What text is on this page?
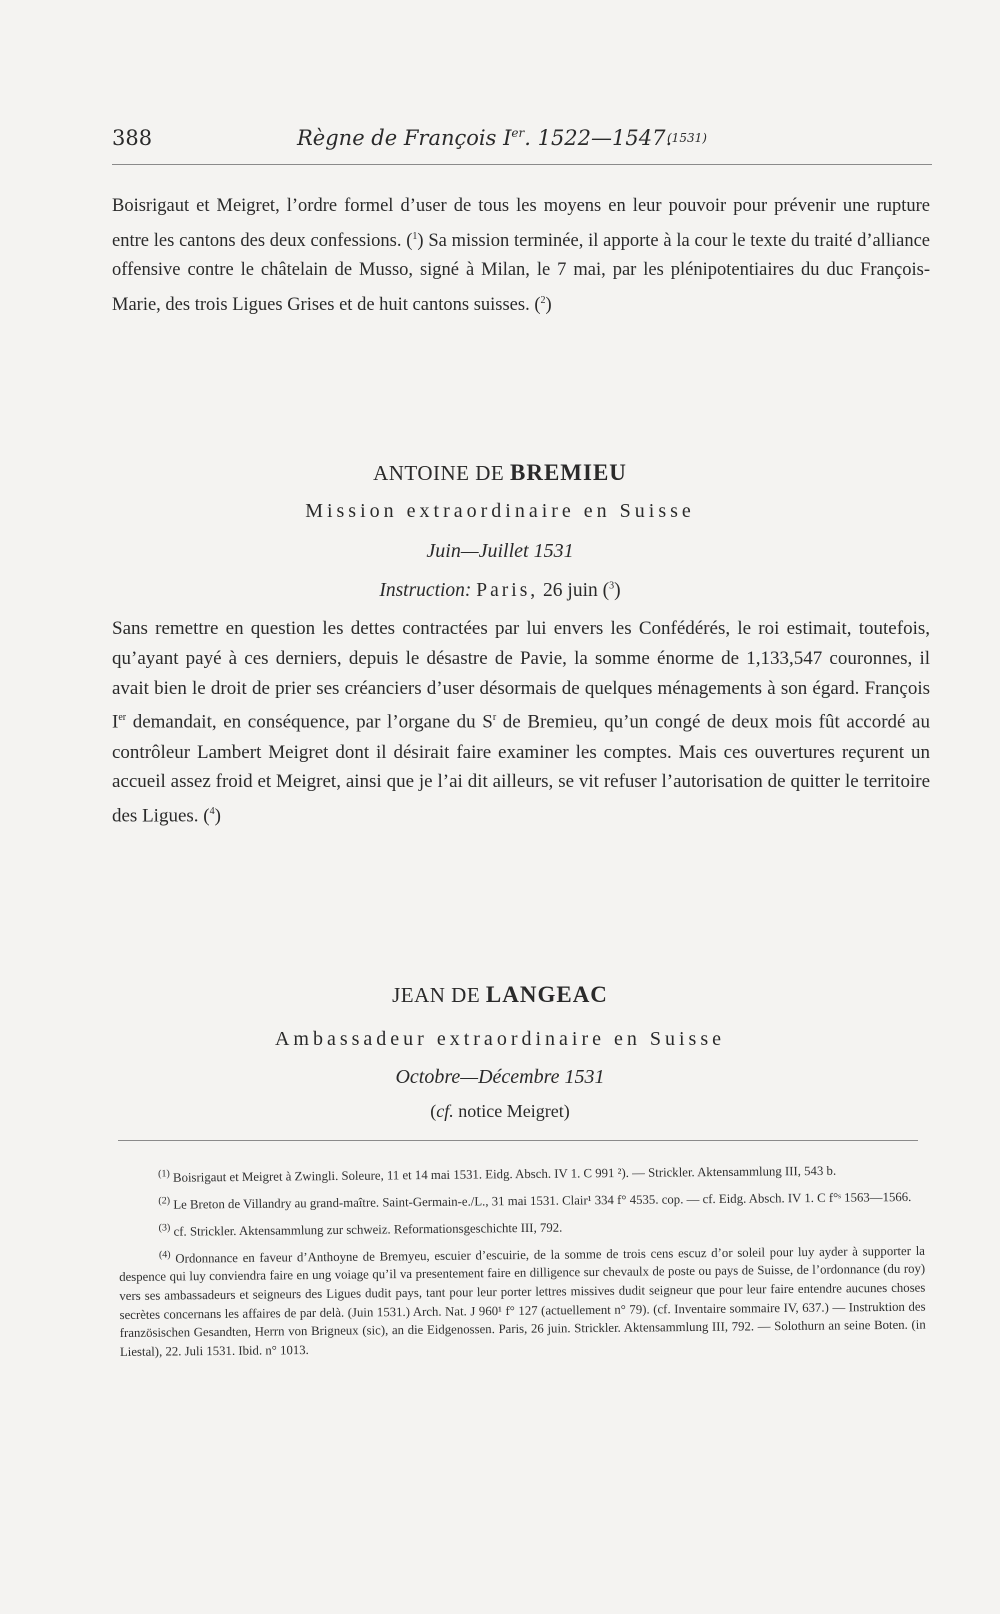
388	Règne de François Ier. 1522—1547.
(1531)
Boisrigaut et Meigret, l’ordre formel d’user de tous les moyens en leur pouvoir pour prévenir une rupture entre les cantons des deux confessions. ($^1$) Sa mission terminée, il apporte à la cour le texte du traité d’alliance offensive contre le châtelain de Musso, signé à Milan, le 7 mai, par les plénipotentiaires du duc François-Marie, des trois Ligues Grises et de huit cantons suisses. ($^2$)
ANTOINE DE BREMIEU
Mission extraordinaire en Suisse
Juin—Juillet 1531
Instruction: Paris, 26 juin ($^3$)
Sans remettre en question les dettes contractées par lui envers les Confédérés, le roi estimait, toutefois, qu’ayant payé à ces derniers, depuis le désastre de Pavie, la somme énorme de 1,133,547 couronnes, il avait bien le droit de prier ses créanciers d’user désormais de quelques ménagements à son égard. François Ier demandait, en conséquence, par l’organe du $S^r$ de Bremieu, qu’un congé de deux mois fût accordé au contrôleur Lambert Meigret dont il désirait faire examiner les comptes. Mais ces ouvertures reçurent un accueil assez froid et Meigret, ainsi que je l’ai dit ailleurs, se vit refuser l’autorisation de quitter le territoire des Ligues. ($^4$)
JEAN DE LANGEAC
Ambassadeur extraordinaire en Suisse
Octobre—Décembre 1531
(cf. notice Meigret)

$^{(1)}$ Boisrigaut et Meigret à Zwingli. Soleure, 11 et 14 mai 1531. Eidg. Absch. IV 1. C 991 ²). — Strickler. Aktensammlung III, 543 b.

$^{(2)}$ Le Breton de Villandry au grand-maître. Saint-Germain-e./L., 31 mai 1531. Clair¹ 334 f° 4535. cop. — cf. Eidg. Absch. IV 1. C f°ˢ 1563—1566.

$^{(3)}$ cf. Strickler. Aktensammlung zur schweiz. Reformationsgeschichte III, 792.

$^{(4)}$ Ordonnance en faveur d’Anthoyne de Bremyeu, escuier d’escuirie, de la somme de trois cens escuz d’or soleil pour luy ayder à supporter la despence qui luy conviendra faire en ung voiage qu’il va presentement faire en dilligence sur chevaulx de poste ou pays de Suisse, de l’ordonnance (du roy) vers ses ambassadeurs et seigneurs des Ligues dudit pays, tant pour leur porter lettres missives dudit seigneur que pour leur faire entendre aucunes choses secrètes concernans les affaires de par delà. (Juin 1531.) Arch. Nat. J 960¹ f° 127 (actuellement n° 79). (cf. Inventaire sommaire IV, 637.) — Instruktion des französischen Gesandten, Herrn von Brigneux (sic), an die Eidgenossen. Paris, 26 juin. Strickler. Aktensammlung III, 792. — Solothurn an seine Boten. (in Liestal), 22. Juli 1531. Ibid. n° 1013.
